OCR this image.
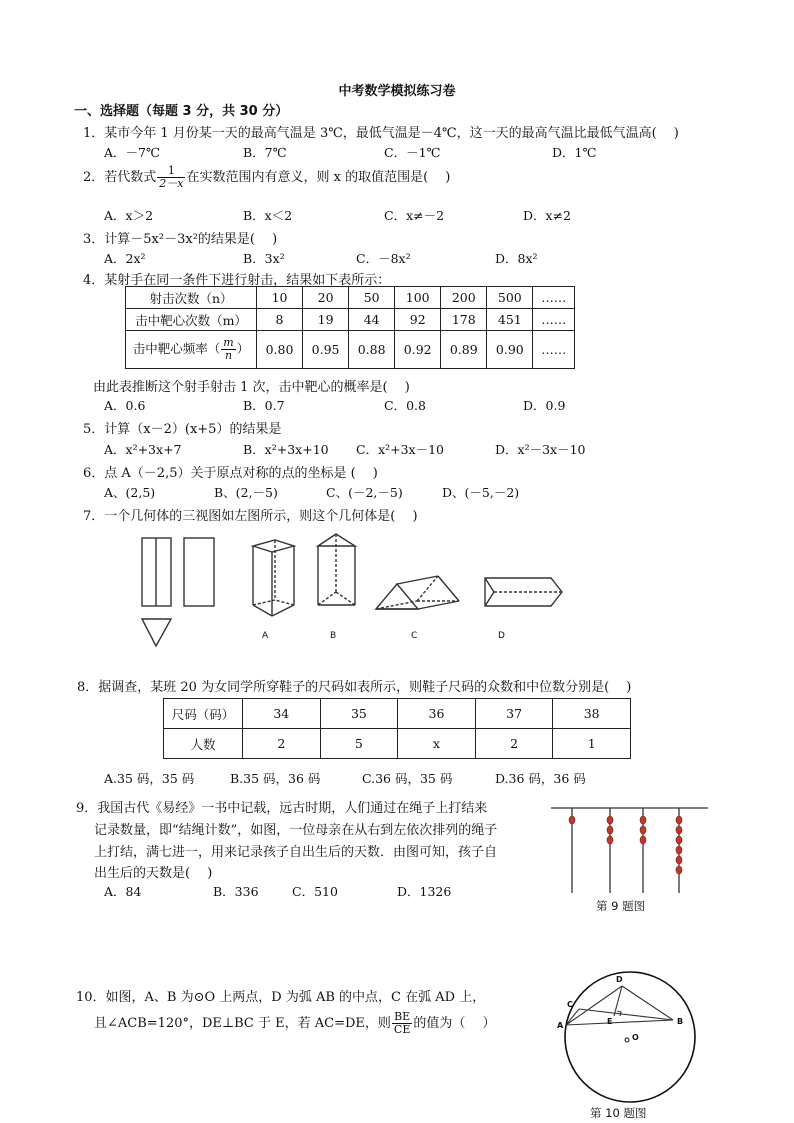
中考数学模拟练习卷
一、选择题（每题 3 分，共 30 分）
1．某市今年 1 月份某一天的最高气温是 3℃，最低气温是－4℃，这一天的最高气温比最低气温高(　 )
A．－7℃	B．7℃	C．－1℃	D．1℃
2．若代数式 $\frac{1}{2-x}$ 在实数范围内有意义，则 x 的取值范围是(　 )
A．x＞2	B．x＜2	C．x≠－2	D．x≠2
3．计算－5x²－3x²的结果是(　 )
A．2x²	B．3x²	C．－8x²	D．8x²
4．某射手在同一条件下进行射击，结果如下表所示：
射击次数（n）	10	20	50	100	200	500	……
击中靶心次数（m）	8	19	44	92	178	451	……
击中靶心频率（ $\frac{m}{n}$ ）	0.80	0.95	0.88	0.92	0.89	0.90	……
由此表推断这个射手射击 1 次，击中靶心的概率是(　 )
A．0.6	B．0.7	C．0.8	D．0.9
5．计算（x－2）(x+5）的结果是
A．x²+3x+7	B．x²+3x+10 C．x²+3x－10	D．x²－3x－10
6．点 A（－2,5）关于原点对称的点的坐标是 (　 )
A、(2,5)	B、(2,－5)	C、(－2,－5)	D、(－5,－2)
7．一个几何体的三视图如左图所示，则这个几何体是(　 )
A	B	C	D
8．据调查，某班 20 为女同学所穿鞋子的尺码如表所示，则鞋子尺码的众数和中位数分别是(　 )
尺码（码）	34	35	36	37	38
人数	2	5	x	2	1
A.35 码，35 码	B.35 码，36 码	C.36 码，35 码	D.36 码，36 码
9．我国古代《易经》一书中记载，远古时期，人们通过在绳子上打结来
记录数量，即“结绳计数”，如图，一位母亲在从右到左依次排列的绳子
上打结，满七进一，用来记录孩子自出生后的天数．由图可知，孩子自
出生后的天数是(　 )
A．84	B．336	C．510	D．1326
第 9 题图
10．如图，A、B 为⊙O 上两点，D 为弧 AB 的中点，C 在弧 AD 上，
且∠ACB=120°，DE⊥BC 于 E，若 AC=DE，则 $\frac{BE}{CE}$ 的值为（　 ）
D
C
A	E	B
O
第 10 题图
